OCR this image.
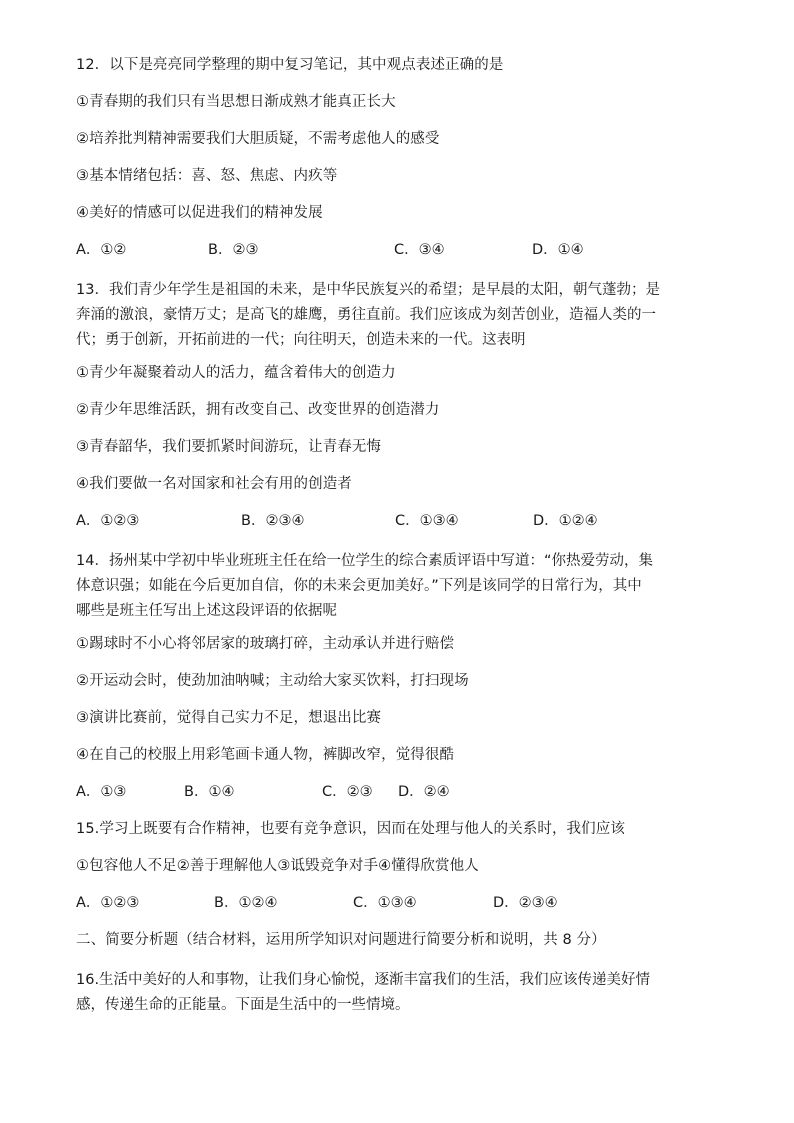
12．以下是亮亮同学整理的期中复习笔记，其中观点表述正确的是
①青春期的我们只有当思想日渐成熟才能真正长大
②培养批判精神需要我们大胆质疑，不需考虑他人的感受
③基本情绪包括：喜、怒、焦虑、内疚等
④美好的情感可以促进我们的精神发展
A．①②	B．②③	C．③④	D．①④
13．我们青少年学生是祖国的未来，是中华民族复兴的希望；是早晨的太阳，朝气蓬勃；是
奔涌的激浪，豪情万丈；是高飞的雄鹰，勇往直前。我们应该成为刻苦创业，造福人类的一
代；勇于创新，开拓前进的一代；向往明天，创造未来的一代。这表明
①青少年凝聚着动人的活力，蕴含着伟大的创造力
②青少年思维活跃，拥有改变自己、改变世界的创造潜力
③青春韶华，我们要抓紧时间游玩，让青春无悔
④我们要做一名对国家和社会有用的创造者
A．①②③	B．②③④	C．①③④	D．①②④
14．扬州某中学初中毕业班班主任在给一位学生的综合素质评语中写道：“你热爱劳动，集
体意识强；如能在今后更加自信，你的未来会更加美好。”下列是该同学的日常行为，其中
哪些是班主任写出上述这段评语的依据呢
①踢球时不小心将邻居家的玻璃打碎，主动承认并进行赔偿
②开运动会时，使劲加油呐喊；主动给大家买饮料，打扫现场
③演讲比赛前，觉得自己实力不足，想退出比赛
④在自己的校服上用彩笔画卡通人物，裤脚改窄，觉得很酷
A．①③	B．①④	C．②③	D．②④
15.学习上既要有合作精神，也要有竞争意识，因而在处理与他人的关系时，我们应该
①包容他人不足②善于理解他人③诋毁竞争对手④懂得欣赏他人
A．①②③	B．①②④	C．①③④	D．②③④
二、简要分析题（结合材料，运用所学知识对问题进行简要分析和说明，共 8 分）
16.生活中美好的人和事物，让我们身心愉悦，逐渐丰富我们的生活，我们应该传递美好情
感，传递生命的正能量。下面是生活中的一些情境。
